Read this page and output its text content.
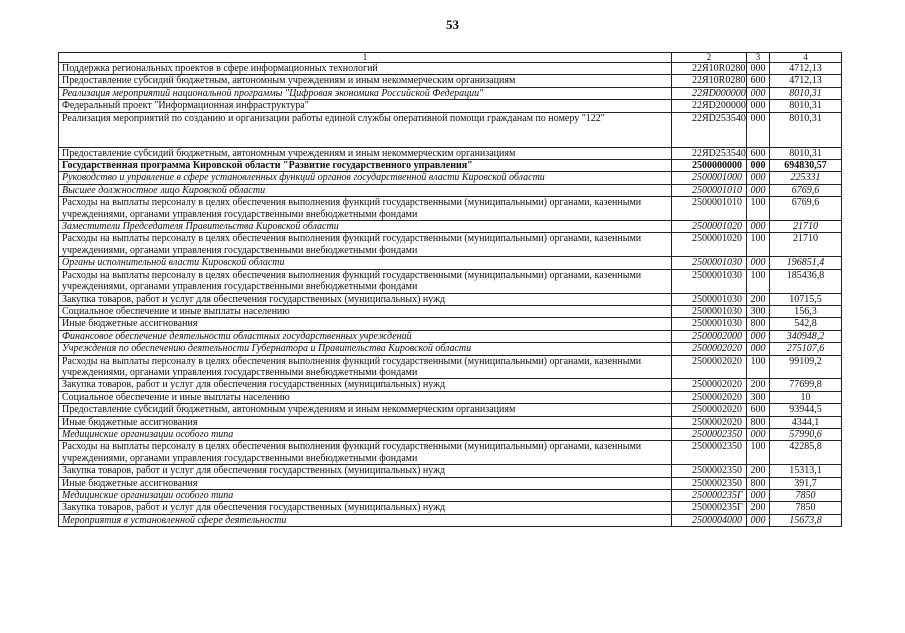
53
1	2	3	4
Поддержка региональных проектов в сфере информационных технологий	22Я10R0280	000	4712,13
Предоставление субсидий бюджетным, автономным учреждениям и иным некоммерческим организациям	22Я10R0280	600	4712,13
Реализация мероприятий национальной программы "Цифровая экономика Российской Федерации"	22ЯD000000	000	8010,31
Федеральный проект "Информационная инфраструктура"	22ЯD200000	000	8010,31
Реализация мероприятий по созданию и организации работы единой службы оперативной помощи гражданам по номеру "122"	22ЯD253540	000	8010,31
Предоставление субсидий бюджетным, автономным учреждениям и иным некоммерческим организациям	22ЯD253540	600	8010,31
Государственная программа Кировской области "Развитие государственного управления"	2500000000	000	694830,57
Руководство и управление в сфере установленных функций органов государственной власти Кировской области	2500001000	000	225331
Высшее должностное лицо Кировской области	2500001010	000	6769,6
Расходы на выплаты персоналу в целях обеспечения выполнения функций государственными (муниципальными) органами, казенными учреждениями, органами управления государственными внебюджетными фондами	2500001010	100	6769,6
Заместители Председателя Правительства Кировской области	2500001020	000	21710
Расходы на выплаты персоналу в целях обеспечения выполнения функций государственными (муниципальными) органами, казенными учреждениями, органами управления государственными внебюджетными фондами	2500001020	100	21710
Органы исполнительной власти Кировской области	2500001030	000	196851,4
Расходы на выплаты персоналу в целях обеспечения выполнения функций государственными (муниципальными) органами, казенными учреждениями, органами управления государственными внебюджетными фондами	2500001030	100	185436,8
Закупка товаров, работ и услуг для обеспечения государственных (муниципальных) нужд	2500001030	200	10715,5
Социальное обеспечение и иные выплаты населению	2500001030	300	156,3
Иные бюджетные ассигнования	2500001030	800	542,8
Финансовое обеспечение деятельности областных государственных учреждений	2500002000	000	340948,2
Учреждения по обеспечению деятельности Губернатора и Правительства Кировской области	2500002020	000	275107,6
Расходы на выплаты персоналу в целях обеспечения выполнения функций государственными (муниципальными) органами, казенными учреждениями, органами управления государственными внебюджетными фондами	2500002020	100	99109,2
Закупка товаров, работ и услуг для обеспечения государственных (муниципальных) нужд	2500002020	200	77699,8
Социальное обеспечение и иные выплаты населению	2500002020	300	10
Предоставление субсидий бюджетным, автономным учреждениям и иным некоммерческим организациям	2500002020	600	93944,5
Иные бюджетные ассигнования	2500002020	800	4344,1
Медицинские организации особого типа	2500002350	000	57990,6
Расходы на выплаты персоналу в целях обеспечения выполнения функций государственными (муниципальными) органами, казенными учреждениями, органами управления государственными внебюджетными фондами	2500002350	100	42285,8
Закупка товаров, работ и услуг для обеспечения государственных (муниципальных) нужд	2500002350	200	15313,1
Иные бюджетные ассигнования	2500002350	800	391,7
Медицинские организации особого типа	250000235Г	000	7850
Закупка товаров, работ и услуг для обеспечения государственных (муниципальных) нужд	250000235Г	200	7850
Мероприятия в установленной сфере деятельности	2500004000	000	15673,8
